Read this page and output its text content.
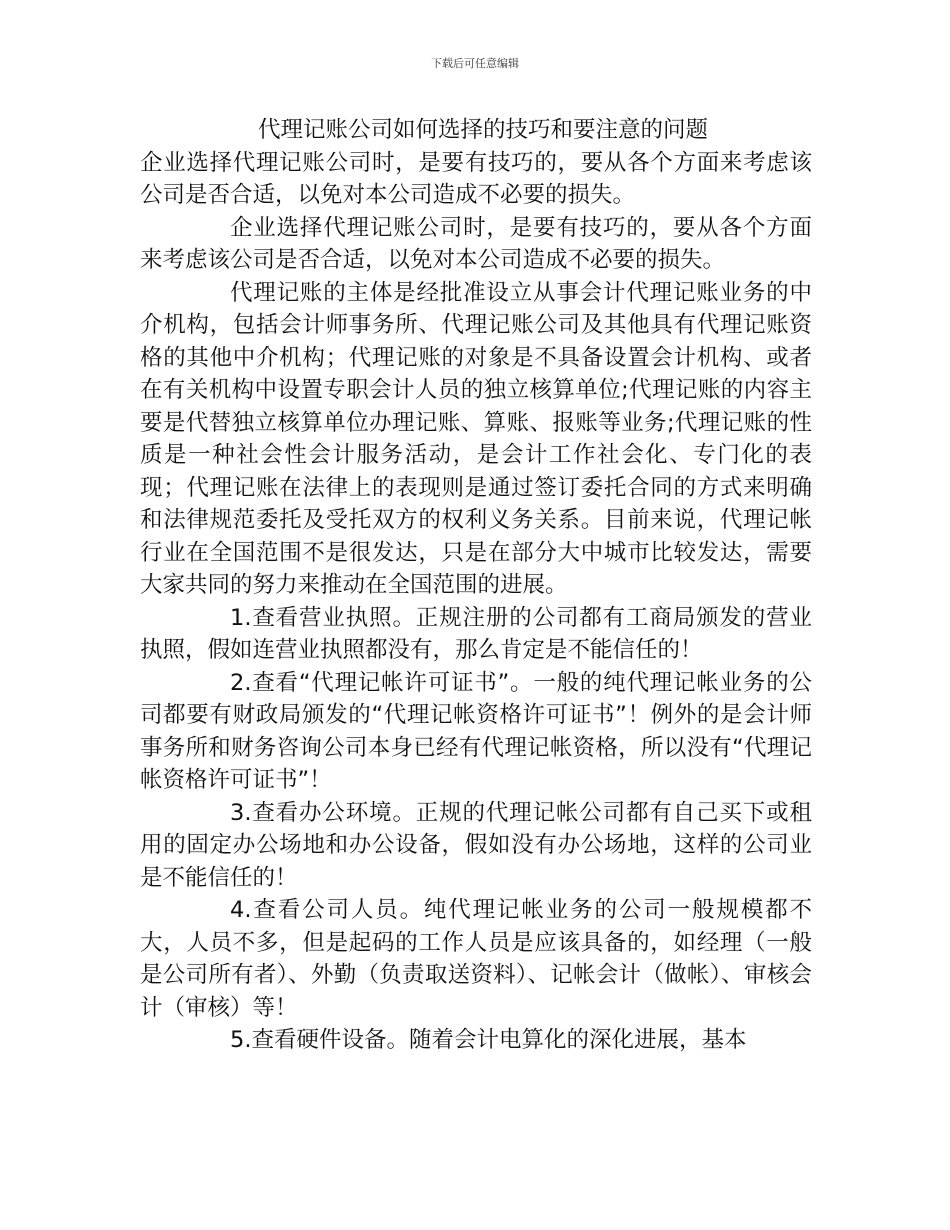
下载后可任意编辑
代理记账公司如何选择的技巧和要注意的问题

企业选择代理记账公司时，是要有技巧的，要从各个方面来考虑该公司是否合适，以免对本公司造成不必要的损失。

企业选择代理记账公司时，是要有技巧的，要从各个方面来考虑该公司是否合适，以免对本公司造成不必要的损失。

代理记账的主体是经批准设立从事会计代理记账业务的中介机构，包括会计师事务所、代理记账公司及其他具有代理记账资格的其他中介机构；代理记账的对象是不具备设置会计机构、或者在有关机构中设置专职会计人员的独立核算单位;代理记账的内容主要是代替独立核算单位办理记账、算账、报账等业务;代理记账的性质是一种社会性会计服务活动，是会计工作社会化、专门化的表现；代理记账在法律上的表现则是通过签订委托合同的方式来明确和法律规范委托及受托双方的权利义务关系。目前来说，代理记帐行业在全国范围不是很发达，只是在部分大中城市比较发达，需要大家共同的努力来推动在全国范围的进展。

1.查看营业执照。正规注册的公司都有工商局颁发的营业执照，假如连营业执照都没有，那么肯定是不能信任的！

2.查看“代理记帐许可证书”。一般的纯代理记帐业务的公司都要有财政局颁发的“代理记帐资格许可证书”！例外的是会计师事务所和财务咨询公司本身已经有代理记帐资格，所以没有“代理记帐资格许可证书”！

3.查看办公环境。正规的代理记帐公司都有自己买下或租用的固定办公场地和办公设备，假如没有办公场地，这样的公司业是不能信任的！

4.查看公司人员。纯代理记帐业务的公司一般规模都不大，人员不多，但是起码的工作人员是应该具备的，如经理（一般是公司所有者）、外勤（负责取送资料）、记帐会计（做帐）、审核会计（审核）等！

5.查看硬件设备。随着会计电算化的深化进展，基本
